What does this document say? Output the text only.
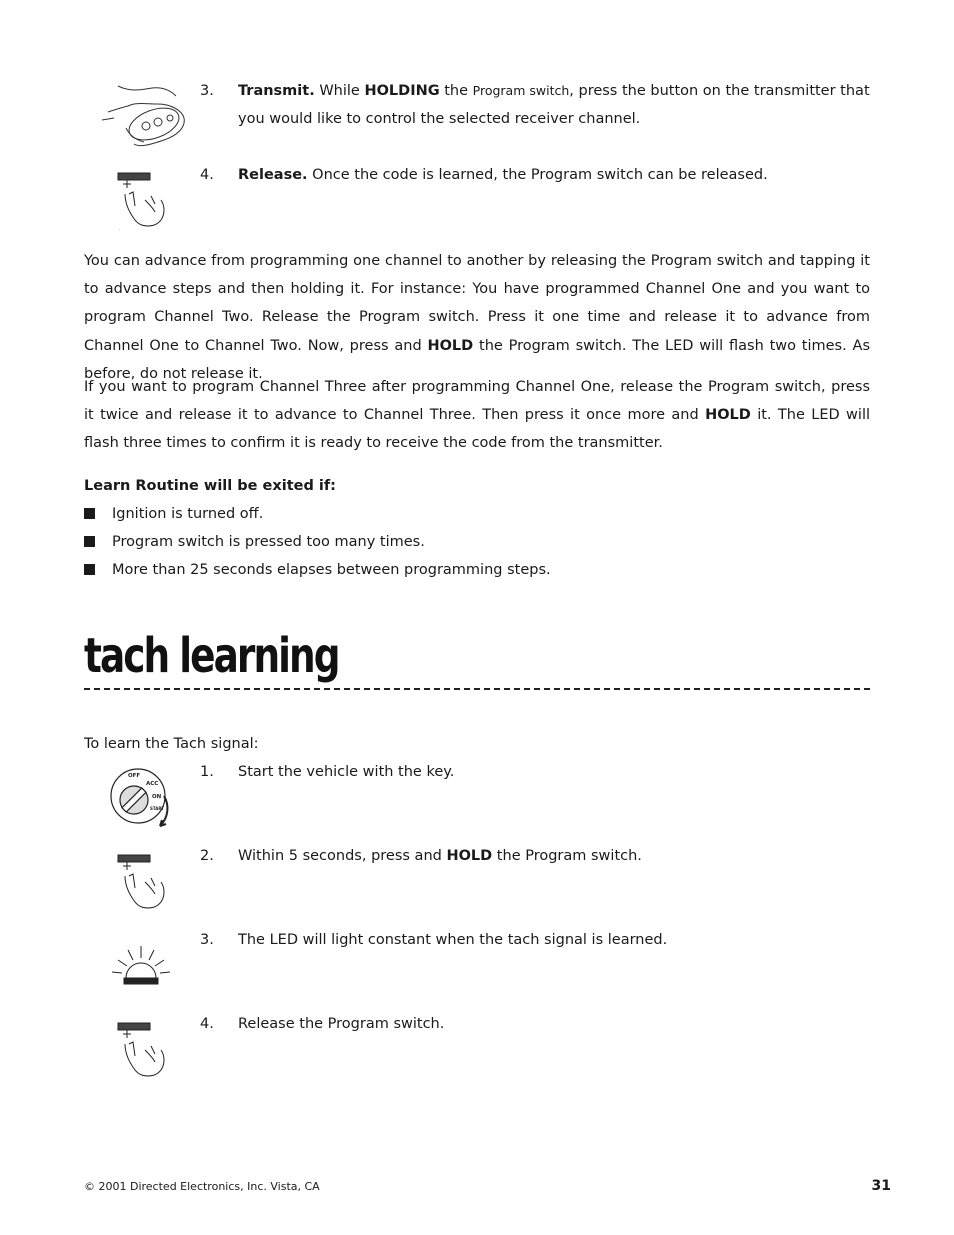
3.	Transmit. While HOLDING the Program switch, press the button on the transmitter that you would like to control the selected receiver channel.
.
4.	Release. Once the code is learned, the Program switch can be released.
You can advance from programming one channel to another by releasing the Program switch and tapping it to advance steps and then holding it. For instance: You have programmed Channel One and you want to program Channel Two. Release the Program switch. Press it one time and release it to advance from Channel One to Channel Two. Now, press and HOLD the Program switch. The LED will flash two times. As before, do not release it.
If you want to program Channel Three after programming Channel One, release the Program switch, press it twice and release it to advance to Channel Three. Then press it once more and HOLD it. The LED will flash three times to confirm it is ready to receive the code from the transmitter.
Learn Routine will be exited if:
Ignition is turned off.
Program switch is pressed too many times.
More than 25 seconds elapses between programming steps.
tach learning
To learn the Tach signal:
OFF
ACC
ON
START
1.	Start the vehicle with the key.
2.	Within 5 seconds, press and HOLD the Program switch.
3.	The LED will light constant when the tach signal is learned.
4.	Release the Program switch.
© 2001 Directed Electronics, Inc. Vista, CA	31
